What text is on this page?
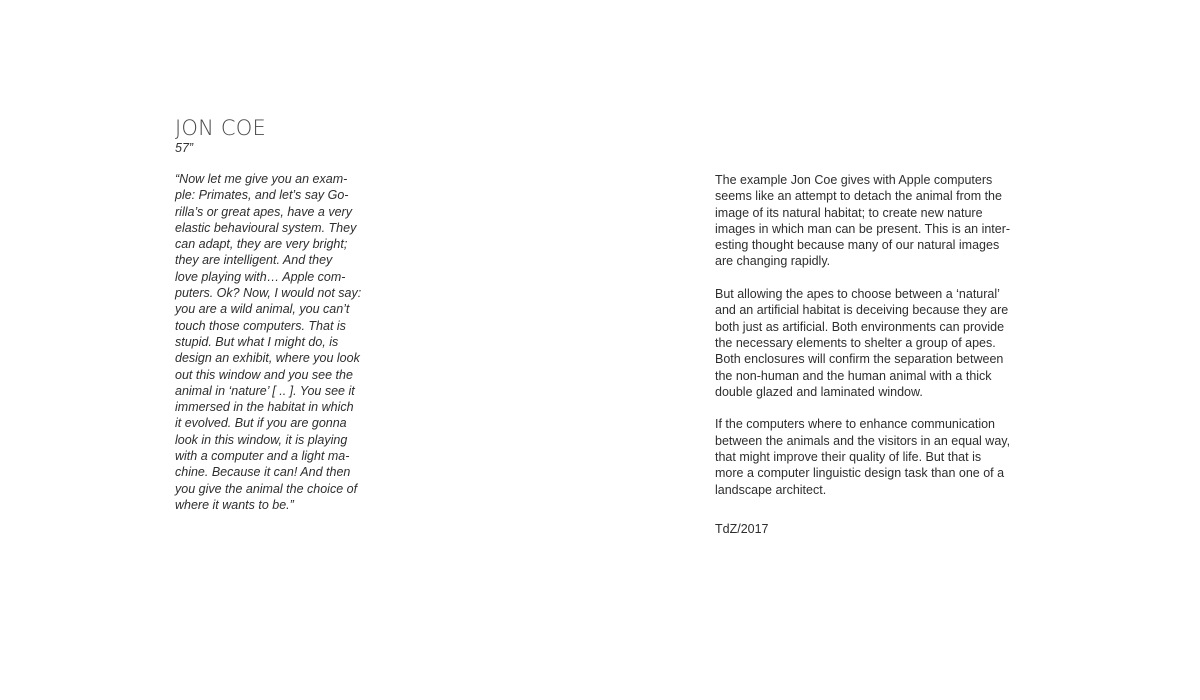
JON COE
57”

“Now let me give you an exam-
ple: Primates, and let’s say Go-
rilla’s or great apes, have a very
elastic behavioural system. They
can adapt, they are very bright;
they are intelligent. And they
love playing with… Apple com-
puters. Ok? Now, I would not say:
you are a wild animal, you can’t
touch those computers. That is
stupid. But what I might do, is
design an exhibit, where you look
out this window and you see the
animal in ‘nature’ [ .. ]. You see it
immersed in the habitat in which
it evolved. But if you are gonna
look in this window, it is playing
with a computer and a light ma-
chine. Because it can! And then
you give the animal the choice of
where it wants to be.”

The example Jon Coe gives with Apple computers
seems like an attempt to detach the animal from the
image of its natural habitat; to create new nature
images in which man can be present. This is an inter-
esting thought because many of our natural images
are changing rapidly.

But allowing the apes to choose between a ‘natural’
and an artificial habitat is deceiving because they are
both just as artificial. Both environments can provide
the necessary elements to shelter a group of apes.
Both enclosures will confirm the separation between
the non-human and the human animal with a thick
double glazed and laminated window.

If the computers where to enhance communication
between the animals and the visitors in an equal way,
that might improve their quality of life. But that is
more a computer linguistic design task than one of a
landscape architect.

TdZ/2017
